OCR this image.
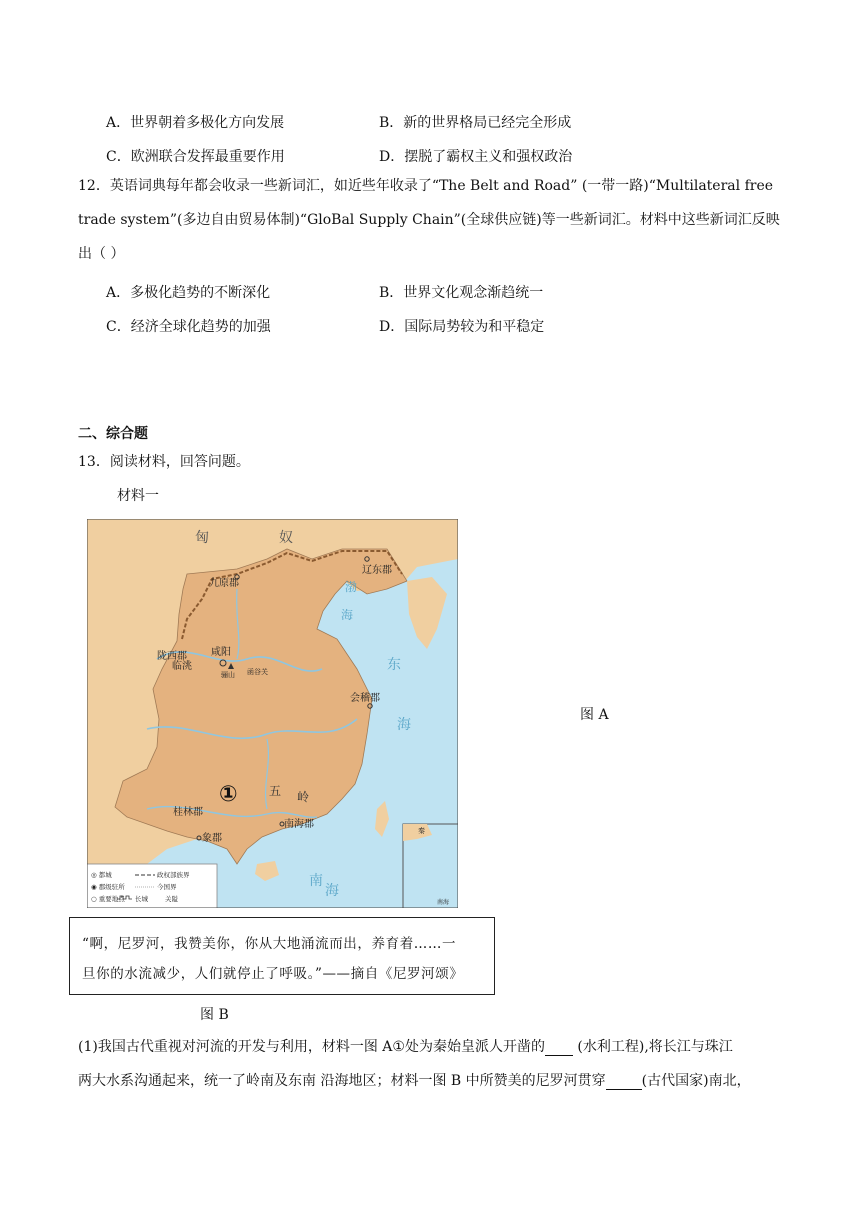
A．世界朝着多极化方向发展	B．新的世界格局已经完全形成
C．欧洲联合发挥最重要作用	D．摆脱了霸权主义和强权政治
12．英语词典每年都会收录一些新词汇，如近些年收录了“The Belt and Road” (一带一路)“Multilateral free
trade system”(多边自由贸易体制)“GloBal Supply Chain”(全球供应链)等一些新词汇。材料中这些新词汇反映
出（ ）
A．多极化趋势的不断深化	B．世界文化观念渐趋统一
C．经济全球化趋势的加强	D．国际局势较为和平稳定
二、综合题
13．阅读材料，回答问题。
材料一
匈	奴
辽东郡
九原郡
陇西郡
临洮
咸阳
骊山 函谷关
会稽郡
桂林郡
象郡
南海郡
五 岭
①
渤
海
东
海
南
海
秦
南海
◎ 都城
◉ 郡级驻所
○ 重要地点
政权部族界
今国界
长城	关隘
图 A
“啊，尼罗河，我赞美你，你从大地涌流而出，养育着……一
旦你的水流减少，人们就停止了呼吸。”——摘自《尼罗河颂》
图 B
(1)我国古代重视对河流的开发与利用，材料一图 A①处为秦始皇派人开凿的  (水利工程),将长江与珠江
两大水系沟通起来，统一了岭南及东南 沿海地区；材料一图 B 中所赞美的尼罗河贯穿	(古代国家)南北，
